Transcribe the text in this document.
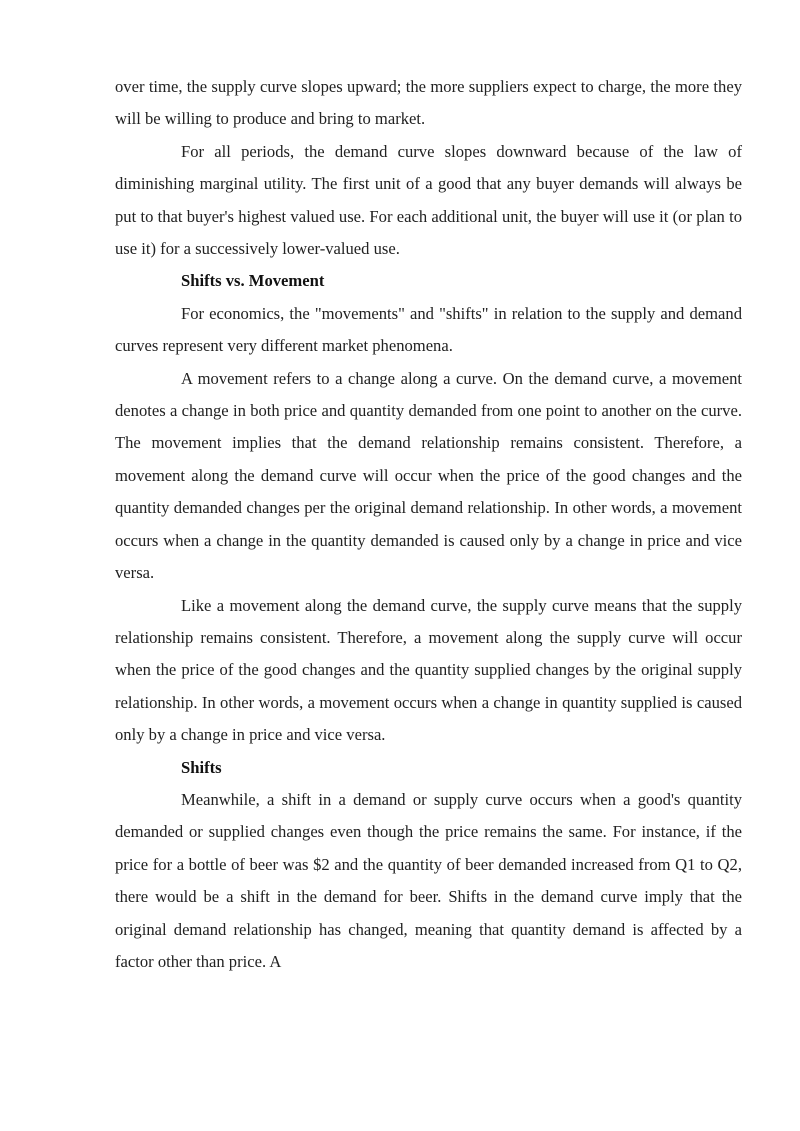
over time, the supply curve slopes upward; the more suppliers expect to charge, the more they will be willing to produce and bring to market.

For all periods, the demand curve slopes downward because of the law of diminishing marginal utility. The first unit of a good that any buyer demands will always be put to that buyer's highest valued use. For each additional unit, the buyer will use it (or plan to use it) for a successively lower-valued use.

Shifts vs. Movement

For economics, the "movements" and "shifts" in relation to the supply and demand curves represent very different market phenomena.

A movement refers to a change along a curve. On the demand curve, a movement denotes a change in both price and quantity demanded from one point to another on the curve. The movement implies that the demand relationship remains consistent. Therefore, a movement along the demand curve will occur when the price of the good changes and the quantity demanded changes per the original demand relationship. In other words, a movement occurs when a change in the quantity demanded is caused only by a change in price and vice versa.

Like a movement along the demand curve, the supply curve means that the supply relationship remains consistent. Therefore, a movement along the supply curve will occur when the price of the good changes and the quantity supplied changes by the original supply relationship. In other words, a movement occurs when a change in quantity supplied is caused only by a change in price and vice versa.

Shifts

Meanwhile, a shift in a demand or supply curve occurs when a good's quantity demanded or supplied changes even though the price remains the same. For instance, if the price for a bottle of beer was $2 and the quantity of beer demanded increased from Q1 to Q2, there would be a shift in the demand for beer. Shifts in the demand curve imply that the original demand relationship has changed, meaning that quantity demand is affected by a factor other than price. A
